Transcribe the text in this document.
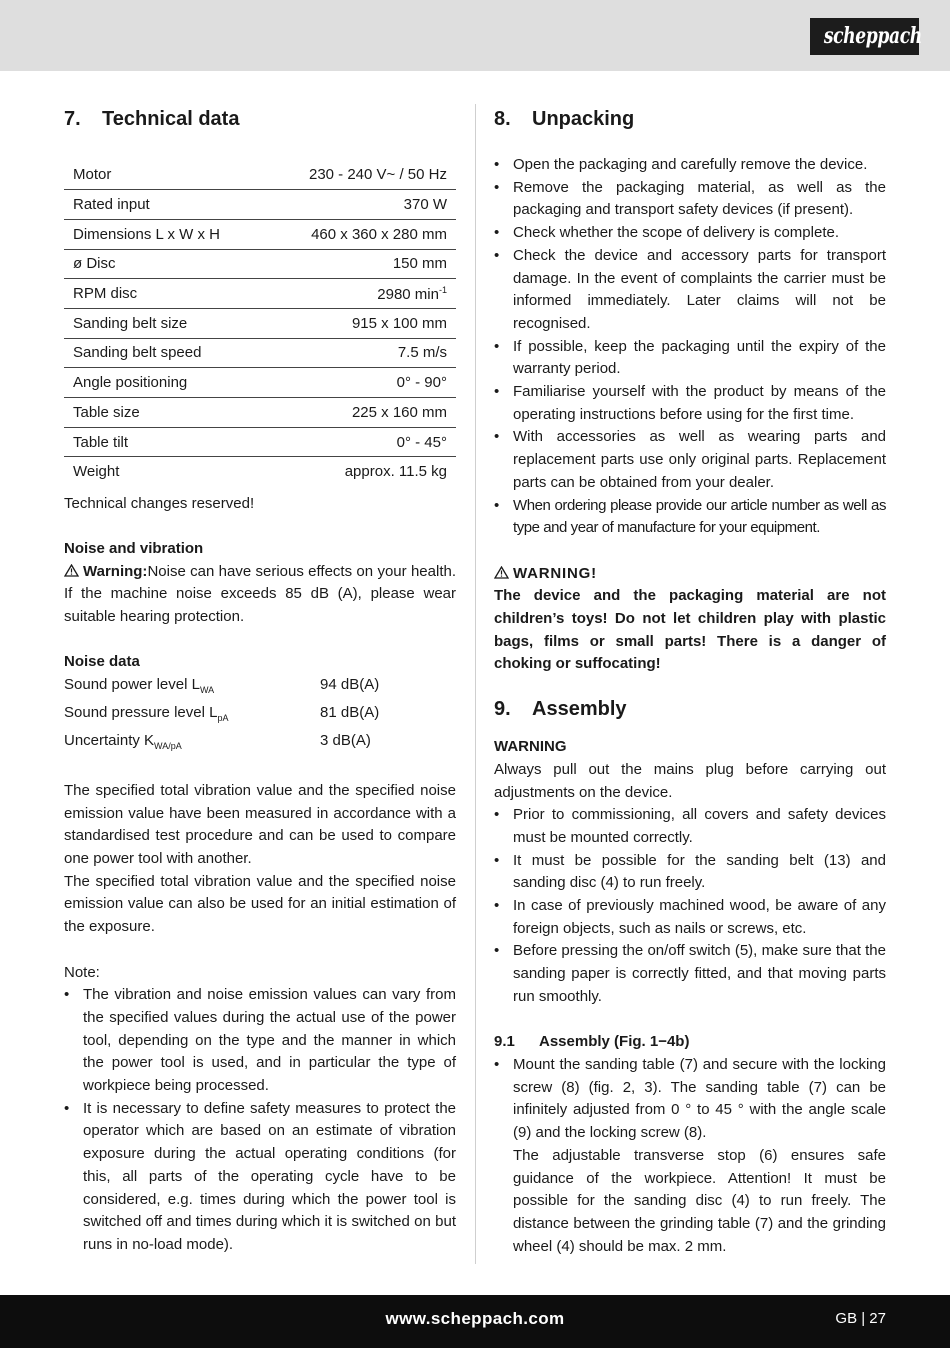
scheppach
7.	Technical data
Motor	230 - 240 V~ / 50 Hz
Rated input	370 W
Dimensions L x W x H	460 x 360 x 280 mm
ø Disc	150 mm
RPM disc	2980 $\min^{-1}$
Sanding belt size	915 x 100 mm
Sanding belt speed	7.5 m/s
Angle positioning	0° - 90°
Table size	225 x 160 mm
Table tilt	0° - 45°
Weight	approx. 11.5 kg

Technical changes reserved!

Noise and vibration

Warning:Noise can have serious effects on your health. If the machine noise exceeds 85 dB (A), please wear suitable hearing protection.

Noise data

Sound power level $L_{WA}$	94 dB(A)
Sound pressure level $L_{pA}$	81 dB(A)
Uncertainty $K_{WA/pA}$	3 dB(A)

The specified total vibration value and the specified noise emission value have been measured in accordance with a standardised test procedure and can be used to compare one power tool with another.

The specified total vibration value and the specified noise emission value can also be used for an initial estimation of the exposure.

Note:

• The vibration and noise emission values can vary from the specified values during the actual use of the power tool, depending on the type and the manner in which the power tool is used, and in particular the type of workpiece being processed.
• It is necessary to define safety measures to protect the operator which are based on an estimate of vibration exposure during the actual operating conditions (for this, all parts of the operating cycle have to be considered, e.g. times during which the power tool is switched off and times during which it is switched on but runs in no-load mode).
8.	Unpacking
• Open the packaging and carefully remove the device.
• Remove the packaging material, as well as the packaging and transport safety devices (if present).
• Check whether the scope of delivery is complete.
• Check the device and accessory parts for transport damage. In the event of complaints the carrier must be informed immediately. Later claims will not be recognised.
• If possible, keep the packaging until the expiry of the warranty period.
• Familiarise yourself with the product by means of the operating instructions before using for the first time.
• With accessories as well as wearing parts and replacement parts use only original parts. Replacement parts can be obtained from your dealer.
• When ordering please provide our article number as well as type and year of manufacture for your equipment.

WARNING!

The device and the packaging material are not children’s toys! Do not let children play with plastic bags, films or small parts! There is a danger of choking or suffocating!

9.	Assembly

WARNING

Always pull out the mains plug before carrying out adjustments on the device.

• Prior to commissioning, all covers and safety devices must be mounted correctly.
• It must be possible for the sanding belt (13) and sanding disc (4) to run freely.
• In case of previously machined wood, be aware of any foreign objects, such as nails or screws, etc.
• Before pressing the on/off switch (5), make sure that the sanding paper is correctly fitted, and that moving parts run smoothly.

9.1	Assembly (Fig. 1−4b)

• Mount the sanding table (7) and secure with the locking screw (8) (fig. 2, 3). The sanding table (7) can be infinitely adjusted from 0 ° to 45 ° with the angle scale (9) and the locking screw (8).
The adjustable transverse stop (6) ensures safe guidance of the workpiece. Attention! It must be possible for the sanding disc (4) to run freely. The distance between the grinding table (7) and the grinding wheel (4) should be max. 2 mm.
www.scheppach.com	GB | 27
